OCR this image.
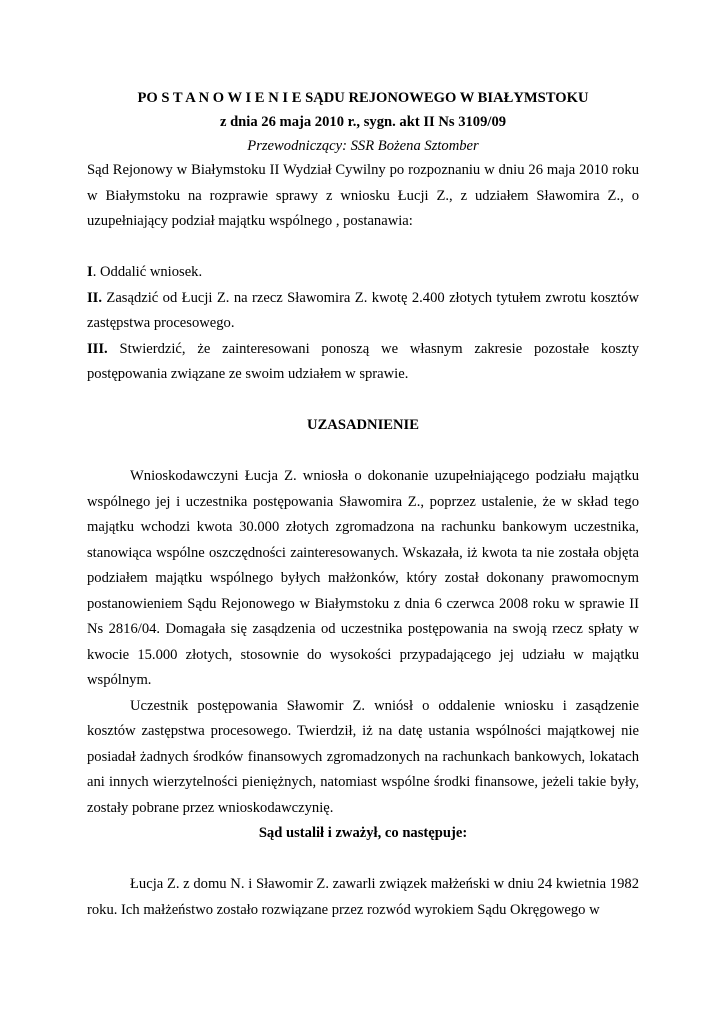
PO S T A N O W I E N I E SĄDU REJONOWEGO W BIAŁYMSTOKU
z dnia 26 maja 2010 r., sygn. akt II Ns 3109/09
Przewodniczący: SSR Bożena Sztomber

Sąd Rejonowy w Białymstoku II Wydział Cywilny po rozpoznaniu w dniu 26 maja 2010 roku w Białymstoku na rozprawie sprawy z wniosku Łucji Z., z udziałem Sławomira Z., o uzupełniający podział majątku wspólnego , postanawia:

I. Oddalić wniosek.

II. Zasądzić od Łucji Z. na rzecz Sławomira Z. kwotę 2.400 złotych tytułem zwrotu kosztów zastępstwa procesowego.

III. Stwierdzić, że zainteresowani ponoszą we własnym zakresie pozostałe koszty postępowania związane ze swoim udziałem w sprawie.

UZASADNIENIE

Wnioskodawczyni Łucja Z. wniosła o dokonanie uzupełniającego podziału majątku wspólnego jej i uczestnika postępowania Sławomira Z., poprzez ustalenie, że w skład tego majątku wchodzi kwota 30.000 złotych zgromadzona na rachunku bankowym uczestnika, stanowiąca wspólne oszczędności zainteresowanych. Wskazała, iż kwota ta nie została objęta podziałem majątku wspólnego byłych małżonków, który został dokonany prawomocnym postanowieniem Sądu Rejonowego w Białymstoku z dnia 6 czerwca 2008 roku w sprawie II Ns 2816/04. Domagała się zasądzenia od uczestnika postępowania na swoją rzecz spłaty w kwocie 15.000 złotych, stosownie do wysokości przypadającego jej udziału w majątku wspólnym.

Uczestnik postępowania Sławomir Z. wniósł o oddalenie wniosku i zasądzenie kosztów zastępstwa procesowego. Twierdził, iż na datę ustania wspólności majątkowej nie posiadał żadnych środków finansowych zgromadzonych na rachunkach bankowych, lokatach ani innych wierzytelności pieniężnych, natomiast wspólne środki finansowe, jeżeli takie były, zostały pobrane przez wnioskodawczynię.

Sąd ustalił i zważył, co następuje:

Łucja Z. z domu N. i Sławomir Z. zawarli związek małżeński w dniu 24 kwietnia 1982 roku. Ich małżeństwo zostało rozwiązane przez rozwód wyrokiem Sądu Okręgowego w
